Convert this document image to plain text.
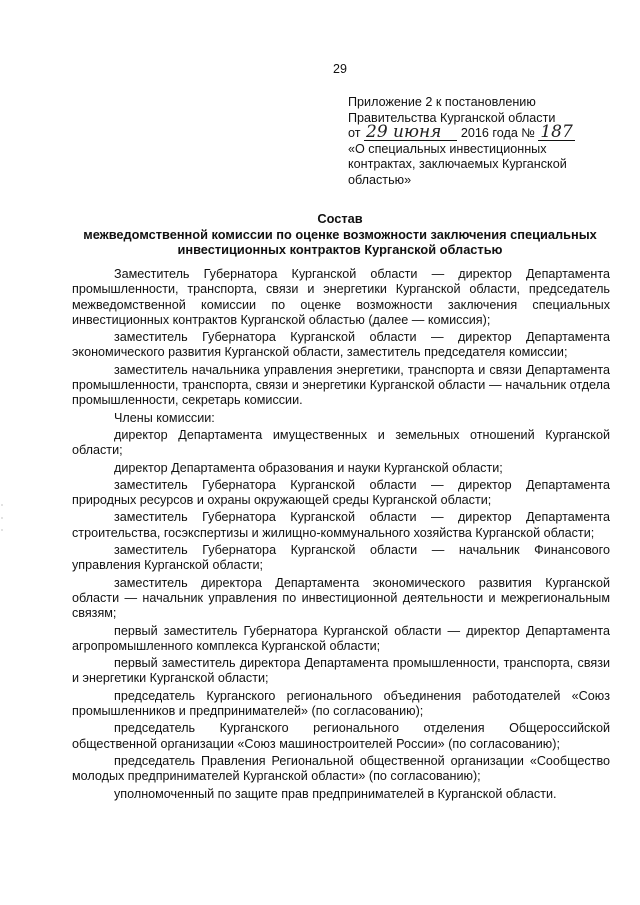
29
Приложение 2 к постановлению
Правительства Курганской области
от 29 июня 2016 года № 187
«О специальных инвестиционных
контрактах, заключаемых Курганской
областью»
Состав
межведомственной комиссии по оценке возможности заключения специальных инвестиционных контрактов Курганской областью

Заместитель Губернатора Курганской области — директор Департамента промышленности, транспорта, связи и энергетики Курганской области, председатель межведомственной комиссии по оценке возможности заключения специальных инвестиционных контрактов Курганской областью (далее — комиссия);

заместитель Губернатора Курганской области — директор Департамента экономического развития Курганской области, заместитель председателя комиссии;

заместитель начальника управления энергетики, транспорта и связи Департамента промышленности, транспорта, связи и энергетики Курганской области — начальник отдела промышленности, секретарь комиссии.

Члены комиссии:

директор Департамента имущественных и земельных отношений Курганской области;

директор Департамента образования и науки Курганской области;

заместитель Губернатора Курганской области — директор Департамента природных ресурсов и охраны окружающей среды Курганской области;

заместитель Губернатора Курганской области — директор Департамента строительства, госэкспертизы и жилищно-коммунального хозяйства Курганской области;

заместитель Губернатора Курганской области — начальник Финансового управления Курганской области;

заместитель директора Департамента экономического развития Курганской области — начальник управления по инвестиционной деятельности и межрегиональным связям;

первый заместитель Губернатора Курганской области — директор Департамента агропромышленного комплекса Курганской области;

первый заместитель директора Департамента промышленности, транспорта, связи и энергетики Курганской области;

председатель Курганского регионального объединения работодателей «Союз промышленников и предпринимателей» (по согласованию);

председатель Курганского регионального отделения Общероссийской общественной организации «Союз машиностроителей России» (по согласованию);

председатель Правления Региональной общественной организации «Сообщество молодых предпринимателей Курганской области» (по согласованию);

уполномоченный по защите прав предпринимателей в Курганской области.
